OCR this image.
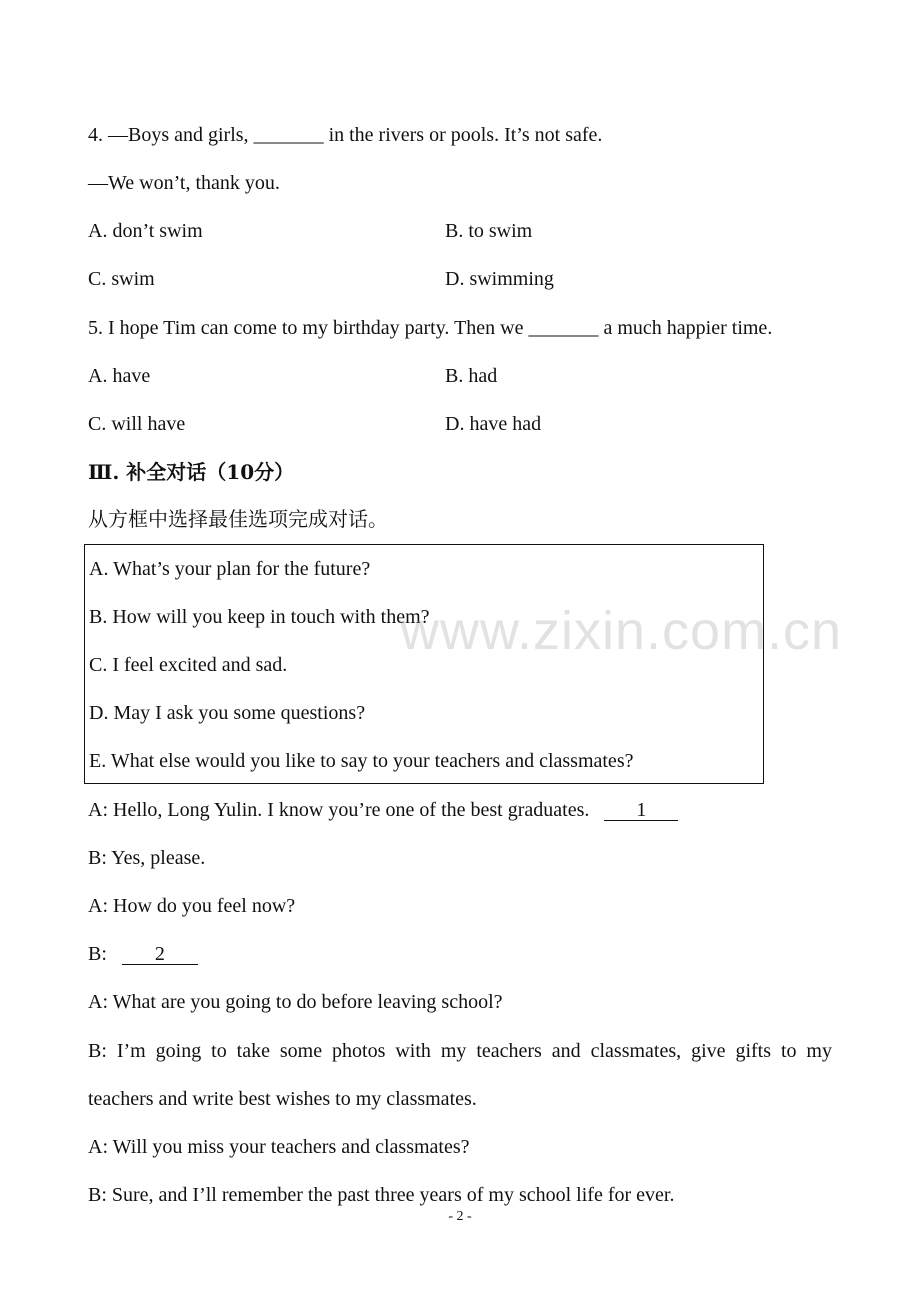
4. —Boys and girls, _______ in the rivers or pools. It’s not safe.
—We won’t, thank you.
A. don’t swim	B. to swim
C. swim	D. swimming
5. I hope Tim can come to my birthday party. Then we _______ a much happier time.
A. have	B. had
C. will have	D. have had
Ⅲ. 补全对话（10分）
从方框中选择最佳选项完成对话。
A. What’s your plan for the future?
B. How will you keep in touch with them?
C. I feel excited and sad.
D. May I ask you some questions?
E. What else would you like to say to your teachers and classmates?
www.zixin.com.cn
A: Hello, Long Yulin. I know you’re one of the best graduates. 1
B: Yes, please.
A: How do you feel now?
B: 2
A: What are you going to do before leaving school?
B: I’m going to take some photos with my teachers and classmates, give gifts to my
teachers and write best wishes to my classmates.
A: Will you miss your teachers and classmates?
B: Sure, and I’ll remember the past three years of my school life for ever.
- 2 -
